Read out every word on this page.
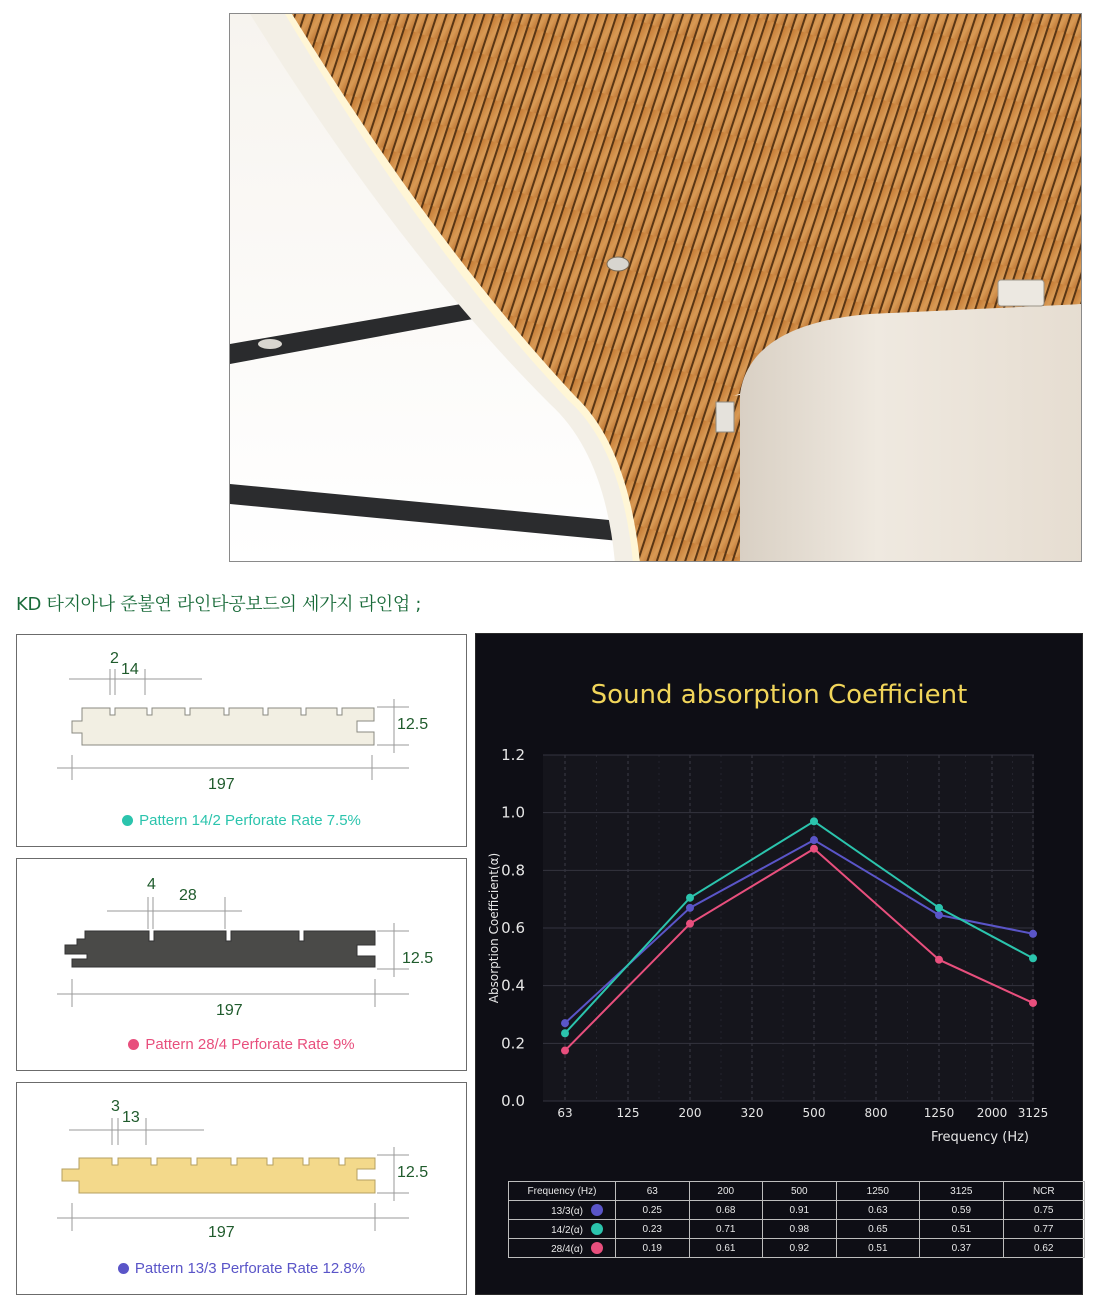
KD 타지아나 준불연 라인타공보드의 세가지 라인업 ;
2
14
12.5
197
Pattern 14/2 Perforate Rate 7.5%
4
28
12.5
197
Pattern 28/4 Perforate Rate 9%
3
13
12.5
197
Pattern 13/3 Perforate Rate 12.8%
Sound absorption Coefficient
0.0
0.2
0.4
0.6
0.8
1.0
1.2
63	125	200	320	500	800	1250 2000 3125
Frequency (Hz)
Absorption Coefficient(α)
Frequency (Hz)	63	200	500	1250	3125	NCR
13/3(α)	0.25	0.68	0.91	0.63	0.59	0.75
14/2(α)	0.23	0.71	0.98	0.65	0.51	0.77
28/4(α)	0.19	0.61	0.92	0.51	0.37	0.62
